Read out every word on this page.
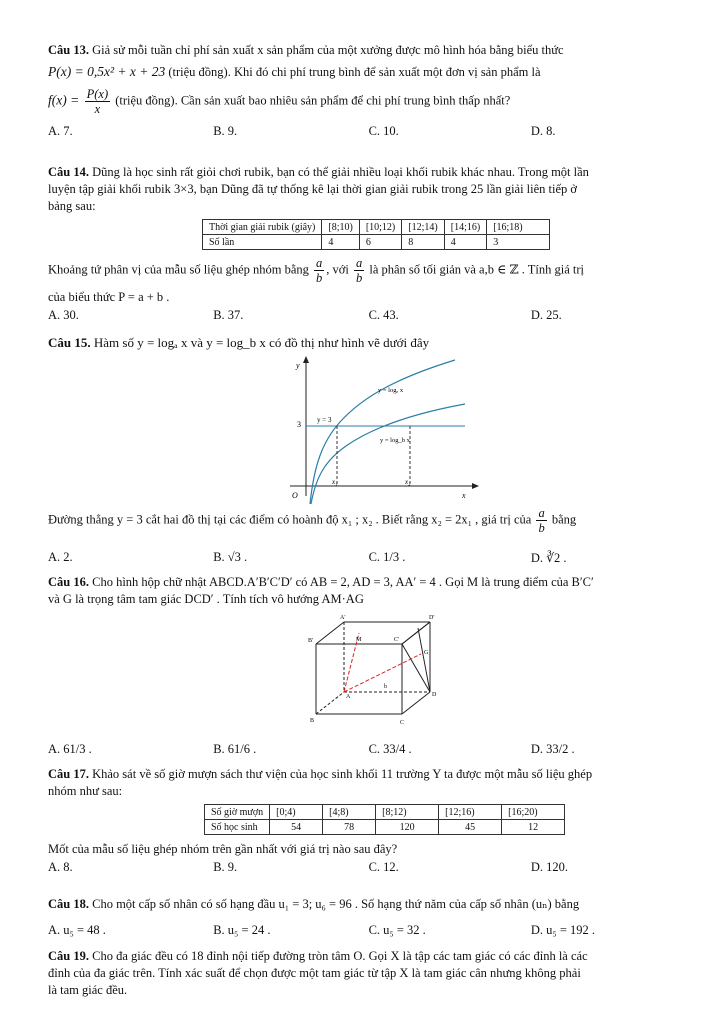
Câu 13. Giả sử mỗi tuần chỉ phí sản xuất x sản phẩm của một xưởng được mô hình hóa bằng biểu thức

P(x) = 0,5x² + x + 23 (triệu đồng). Khi đó chi phí trung bình để sản xuất một đơn vị sản phẩm là

$f(x) = \frac{P(x)}{x}$ (triệu đồng). Cần sản xuất bao nhiêu sản phẩm để chi phí trung bình thấp nhất?

A. 7.	B. 9.	C. 10.	D. 8.

Câu 14. Dũng là học sinh rất giỏi chơi rubik, bạn có thể giải nhiều loại khối rubik khác nhau. Trong một lần

luyện tập giải khối rubik 3×3, bạn Dũng đã tự thống kê lại thời gian giải rubik trong 25 lần giải liên tiếp ở

bảng sau:

Thời gian giải rubik (giây)	[8;10)	[10;12)	[12;14)	[14;16)	[16;18)
Số lần	4	6	8	4	3

Khoảng tứ phân vị của mẫu số liệu ghép nhóm bằng $\frac{a}{b}$ , với $\frac{a}{b}$ là phân số tối giản và a,b ∈ ℤ . Tính giá trị

của biểu thức P = a + b .

A. 30.	B. 37.	C. 43.	D. 25.

Câu 15. Hàm số y = logₐ x và y = log_b x có đồ thị như hình vẽ dưới đây

y
x
O
3 y = 3
y = logₐ x
y = log_b x
x₁	x₂

Đường thẳng y = 3 cắt hai đồ thị tại các điểm có hoành độ x₁ ; x₂ . Biết rằng x₂ = 2x₁ , giá trị của $\frac{a}{b}$ bằng

A. 2.	B. √3 .	C. 1/3 .	D. ∛2 .

Câu 16. Cho hình hộp chữ nhật ABCD.A′B′C′D′ có AB = 2, AD = 3, AA′ = 4 . Gọi M là trung điểm của B′C′

và G là trọng tâm tam giác DCD′ . Tính tích vô hướng AM·AG

A'	D'
B'	C'
M
G
A	D
B	C
b
A. 61/3 .	B. 61/6 .	C. 33/4 .	D. 33/2 .

Câu 17. Khảo sát về số giờ mượn sách thư viện của học sinh khối 11 trường Y ta được một mẫu số liệu ghép

nhóm như sau:

Số giờ mượn	[0;4)	[4;8)	[8;12)	[12;16)	[16;20)
Số học sinh	54	78	120	45	12

Mốt của mẫu số liệu ghép nhóm trên gần nhất với giá trị nào sau đây?

A. 8.	B. 9.	C. 12.	D. 120.

Câu 18. Cho một cấp số nhân có số hạng đầu u₁ = 3; u₆ = 96 . Số hạng thứ năm của cấp số nhân (uₙ) bằng

A. u₅ = 48 .	B. u₅ = 24 .	C. u₅ = 32 .	D. u₅ = 192 .

Câu 19. Cho đa giác đều có 18 đỉnh nội tiếp đường tròn tâm O. Gọi X là tập các tam giác có các đỉnh là các

đỉnh của đa giác trên. Tính xác suất để chọn được một tam giác từ tập X là tam giác cân nhưng không phải

là tam giác đều.
